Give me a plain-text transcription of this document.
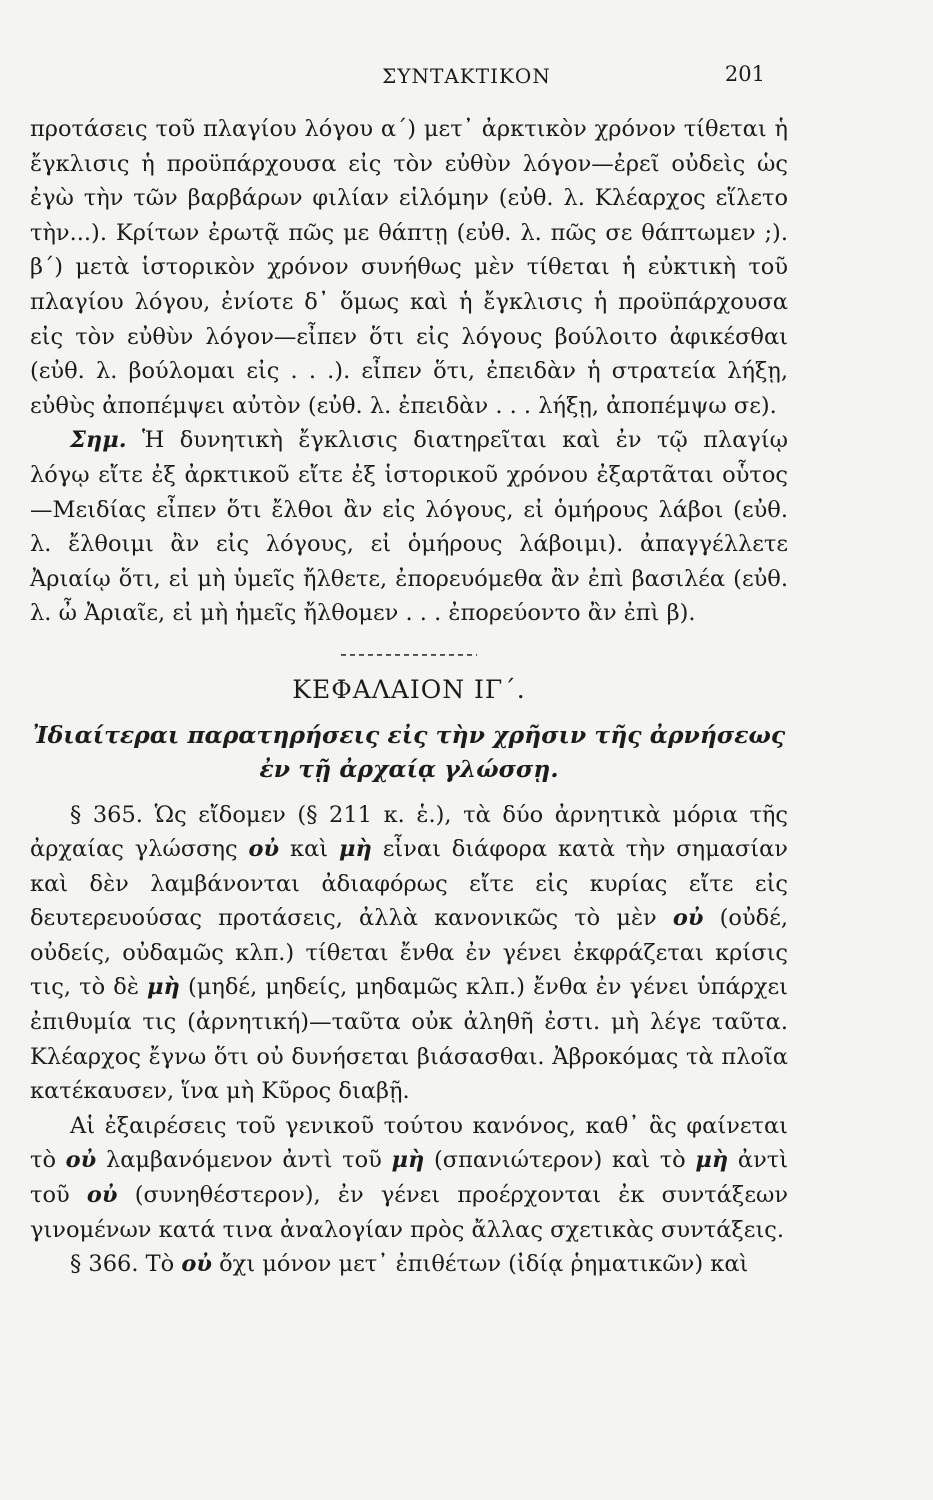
ΣΥΝΤΑΚΤΙΚΟΝ	201

προτάσεις τοῦ πλαγίου λόγου α΄) μετ᾽ ἀρκτικὸν χρόνον τίθεται ἡ ἔγκλισις ἡ προϋπάρχουσα εἰς τὸν εὐθὺν λόγον—ἐρεῖ οὐδεὶς ὡς ἐγὼ τὴν τῶν βαρβάρων φιλίαν εἱλόμην (εὐθ. λ. Κλέαρχος εἵλετο τὴν...). Κρίτων ἐρωτᾷ πῶς με θάπτῃ (εὐθ. λ. πῶς σε θάπτωμεν ;). β΄) μετὰ ἱστορικὸν χρόνον συνήθως μὲν τίθεται ἡ εὐκτικὴ τοῦ πλαγίου λόγου, ἐνίοτε δ᾽ ὅμως καὶ ἡ ἔγκλισις ἡ προϋπάρχουσα εἰς τὸν εὐθὺν λόγον—εἶπεν ὅτι εἰς λόγους βούλοιτο ἀφικέσθαι (εὐθ. λ. βούλομαι εἰς . . .). εἶπεν ὅτι, ἐπειδὰν ἡ στρατεία λήξῃ, εὐθὺς ἀποπέμψει αὐτὸν (εὐθ. λ. ἐπειδὰν . . . λήξῃ, ἀποπέμψω σε).

Σημ. Ἡ δυνητικὴ ἔγκλισις διατηρεῖται καὶ ἐν τῷ πλαγίῳ λόγῳ εἴτε ἐξ ἀρκτικοῦ εἴτε ἐξ ἱστορικοῦ χρόνου ἐξαρτᾶται οὗτος—Μειδίας εἶπεν ὅτι ἔλθοι ἂν εἰς λόγους, εἰ ὁμήρους λάβοι (εὐθ. λ. ἔλθοιμι ἂν εἰς λόγους, εἰ ὁμήρους λάβοιμι). ἀπαγγέλλετε Ἀριαίῳ ὅτι, εἰ μὴ ὑμεῖς ἤλθετε, ἐπορευόμεθα ἂν ἐπὶ βασιλέα (εὐθ. λ. ὦ Ἀριαῖε, εἰ μὴ ἡμεῖς ἤλθομεν . . . ἐπορεύοντο ἂν ἐπὶ β).

ΚΕΦΑΛΑΙΟΝ ΙΓ΄.
Ἰδιαίτεραι παρατηρήσεις εἰς τὴν χρῆσιν τῆς ἀρνήσεως
ἐν τῇ ἀρχαίᾳ γλώσσῃ.

§ 365. Ὡς εἴδομεν (§ 211 κ. ἑ.), τὰ δύο ἀρνητικὰ μόρια τῆς ἀρχαίας γλώσσης οὐ καὶ μὴ εἶναι διάφορα κατὰ τὴν σημασίαν καὶ δὲν λαμβάνονται ἀδιαφόρως εἴτε εἰς κυρίας εἴτε εἰς δευτερευούσας προτάσεις, ἀλλὰ κανονικῶς τὸ μὲν οὐ (οὐδέ, οὐδείς, οὐδαμῶς κλπ.) τίθεται ἔνθα ἐν γένει ἐκφράζεται κρίσις τις, τὸ δὲ μὴ (μηδέ, μηδείς, μηδαμῶς κλπ.) ἔνθα ἐν γένει ὑπάρχει ἐπιθυμία τις (ἀρνητική)—ταῦτα οὐκ ἀληθῆ ἐστι. μὴ λέγε ταῦτα. Κλέαρχος ἔγνω ὅτι οὐ δυνήσεται βιάσασθαι. Ἀβροκόμας τὰ πλοῖα κατέκαυσεν, ἵνα μὴ Κῦρος διαβῇ.

Αἱ ἐξαιρέσεις τοῦ γενικοῦ τούτου κανόνος, καθ᾽ ἃς φαίνεται τὸ οὐ λαμβανόμενον ἀντὶ τοῦ μὴ (σπανιώτερον) καὶ τὸ μὴ ἀντὶ τοῦ οὐ (συνηθέστερον), ἐν γένει προέρχονται ἐκ συντάξεων γινομένων κατά τινα ἀναλογίαν πρὸς ἄλλας σχετικὰς συντάξεις.

§ 366. Τὸ οὐ ὄχι μόνον μετ᾽ ἐπιθέτων (ἰδίᾳ ῥηματικῶν) καὶ
